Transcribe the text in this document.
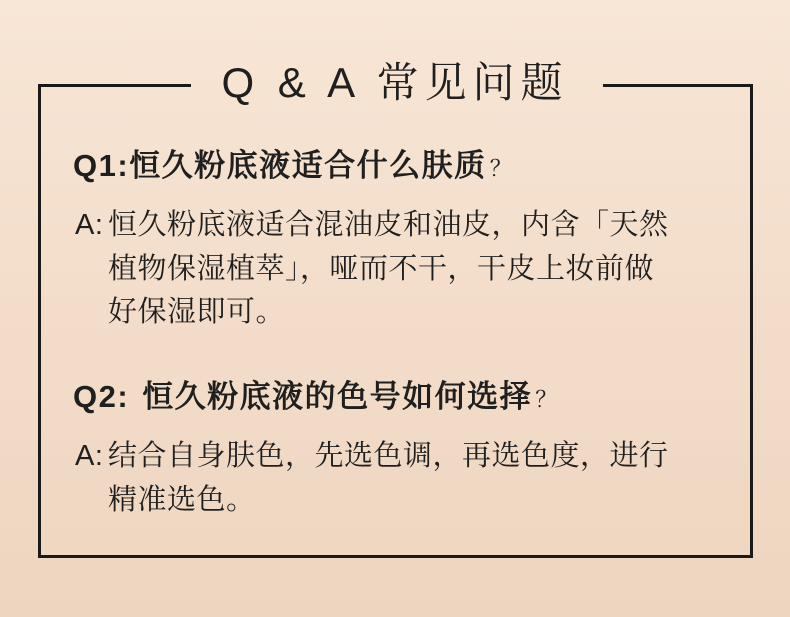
Q & A 常见问题
Q1:恒久粉底液适合什么肤质 ？
A: 恒久粉底液适合混油皮和油皮，内含「天然
植物保湿植萃」，哑而不干，干皮上妆前做
好保湿即可。
Q2: 恒久粉底液的色号如何选择 ？
A: 结合自身肤色，先选色调，再选色度，进行
精准选色。
